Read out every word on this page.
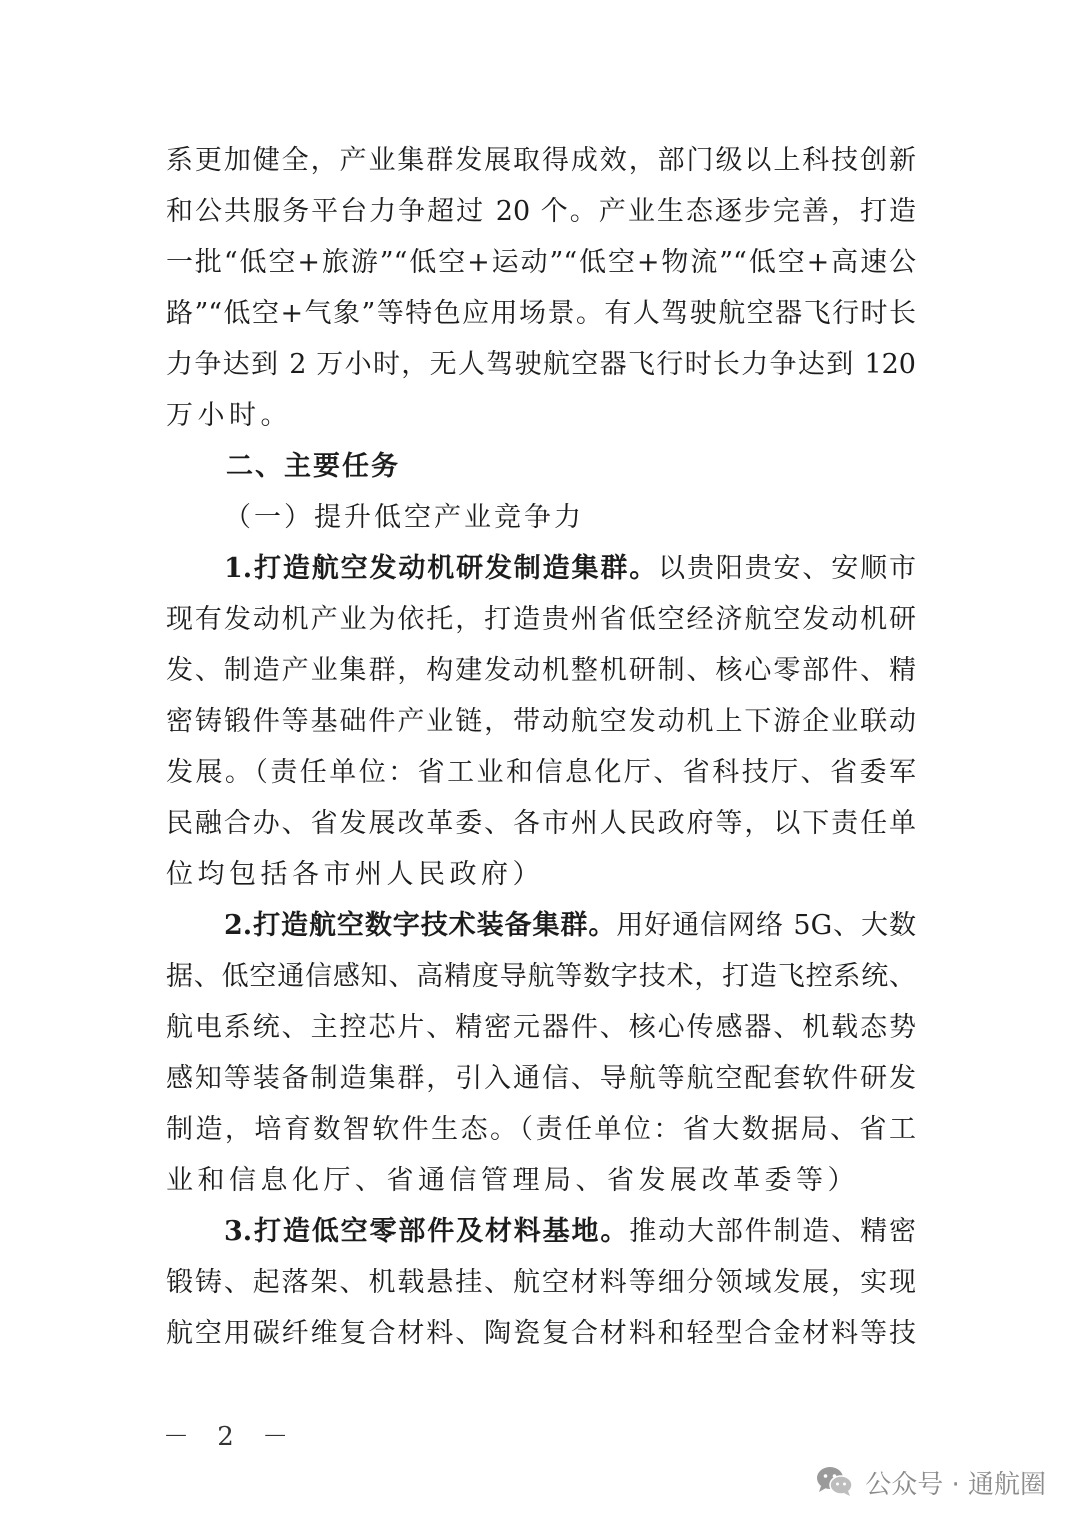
系更加健全，产业集群发展取得成效，部门级以上科技创新
和公共服务平台力争超过 20 个。产业生态逐步完善，打造
一批“低空+旅游”“低空+运动”“低空+物流”“低空+高速公
路”“低空+气象”等特色应用场景。有人驾驶航空器飞行时长
力争达到 2 万小时，无人驾驶航空器飞行时长力争达到 120
万小时。
二、主要任务
（一）提升低空产业竞争力
1.打造航空发动机研发制造集群。以贵阳贵安、安顺市
现有发动机产业为依托，打造贵州省低空经济航空发动机研
发、制造产业集群，构建发动机整机研制、核心零部件、精
密铸锻件等基础件产业链，带动航空发动机上下游企业联动
发展。（责任单位：省工业和信息化厅、省科技厅、省委军
民融合办、省发展改革委、各市州人民政府等，以下责任单
位均包括各市州人民政府）
2.打造航空数字技术装备集群。用好通信网络 5G、大数
据、低空通信感知、高精度导航等数字技术，打造飞控系统、
航电系统、主控芯片、精密元器件、核心传感器、机载态势
感知等装备制造集群，引入通信、导航等航空配套软件研发
制造，培育数智软件生态。（责任单位：省大数据局、省工
业和信息化厅、省通信管理局、省发展改革委等）
3.打造低空零部件及材料基地。推动大部件制造、精密
锻铸、起落架、机载悬挂、航空材料等细分领域发展，实现
航空用碳纤维复合材料、陶瓷复合材料和轻型合金材料等技
－ 2 －
公众号 · 通航圈
